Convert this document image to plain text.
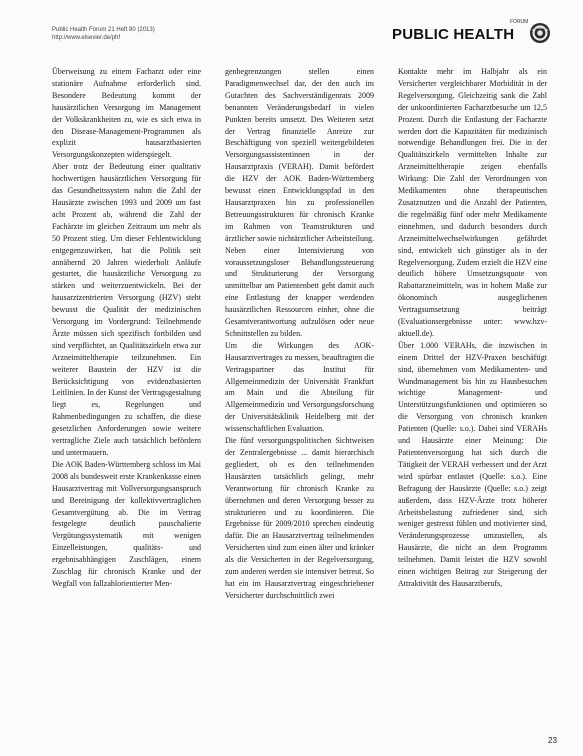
Public Health Forum 21 Heft 80 (2013)
http://www.elsevier.de/phf
FORUM
PUBLIC HEALTH

Überweisung zu einem Facharzt oder eine stationäre Aufnahme erforderlich sind. Besondere Bedeutung kommt der hausärztlichen Versorgung im Management der Volkskrankheiten zu, wie es sich etwa in den Disease-Management-Programmen als explizit hausarztbasierten Versorgungskonzepten widerspiegelt.

Aber trotz der Bedeutung einer qualitativ hochwertigen hausärztlichen Versorgung für das Gesundheitssystem nahm die Zahl der Hausärzte zwischen 1993 und 2009 um fast acht Prozent ab, während die Zahl der Fachärzte im gleichen Zeitraum um mehr als 50 Prozent stieg. Um dieser Fehlentwicklung entgegenzuwirken, hat die Politik seit annähernd 20 Jahren wiederholt Anläufe gestartet, die hausärztliche Versorgung zu stärken und weiterzuentwickeln. Bei der hausarztzentrierten Versorgung (HZV) steht bewusst die Qualität der medizinischen Versorgung im Vordergrund: Teilnehmende Ärzte müssen sich spezifisch fortbilden und sind verpflichtet, an Qualitätszirkeln etwa zur Arzneimitteltherapie teilzunehmen. Ein weiterer Baustein der HZV ist die Berücksichtigung von evidenzbasierten Leitlinien. In der Kunst der Vertragsgestaltung liegt es, Regelungen und Rahmenbedingungen zu schaffen, die diese gesetzlichen Anforderungen sowie weitere vertragliche Ziele auch tatsächlich befördern und untermauern.

Die AOK Baden-Württemberg schloss im Mai 2008 als bundesweit erste Krankenkasse einen Hausarztvertrag mit Vollversorgungsanspruch und Bereinigung der kollektivvertraglichen Gesamtvergütung ab. Die im Vertrag festgelegte deutlich pauschalierte Vergütungssystematik mit wenigen Einzelleistungen, qualitäts- und ergebnisabhängigen Zuschlägen, einem Zuschlag für chronisch Kranke und der Wegfall von fallzahlorientierter Men-

genbegrenzungen stellen einen Paradigmenwechsel dar, der den auch im Gutachten des Sachverständigenrats 2009 benannten Veränderungsbedarf in vielen Punkten bereits umsetzt. Des Weiteren setzt der Vertrag finanzielle Anreize zur Beschäftigung von speziell weitergebildeten Versorgungsassistentinnen in der Hausarztpraxis (VERAH). Damit befördert die HZV der AOK Baden-Württemberg bewusst einen Entwicklungspfad in den Hausarztpraxen hin zu professionellen Betreuungsstrukturen für chronisch Kranke im Rahmen von Teamstrukturen und ärztlicher sowie nichtärztlicher Arbeitsteilung. Neben einer Intensivierung von voraussetzungsloser Behandlungssteuerung und Strukturierung der Versorgung unmittelbar am Patientenbett geht damit auch eine Entlastung der knapper werdenden hausärztlichen Ressourcen einher, ohne die Gesamtverantwortung aufzulösen oder neue Schnittstellen zu bilden.

Um die Wirkungen des AOK-Hausarztvertrages zu messen, beauftragten die Vertragspartner das Institut für Allgemeinmedizin der Universität Frankfurt am Main und die Abteilung für Allgemeinmedizin und Versorgungsforschung der Universitätsklinik Heidelberg mit der wissenschaftlichen Evaluation.

Die fünf versorgungspolitischen Sichtweisen der Zentralergebnisse ... damit hierarchisch gegliedert, ob es den teilnehmenden Hausärzten tatsächlich gelingt, mehr Verantwortung für chronisch Kranke zu übernehmen und deren Versorgung besser zu strukturieren und zu koordinieren. Die Ergebnisse für 2009/2010 sprechen eindeutig dafür. Die an Hausarztvertrag teilnehmenden Versicherten sind zum einen älter und kränker als die Versicherten in der Regelversorgung, zum anderen werden sie intensiver betreut. So hat ein im Hausarztvertrag eingeschriebener Versicherter durchschnittlich zwei

Kontakte mehr im Halbjahr als ein Versicherter vergleichbarer Morbidität in der Regelversorgung. Gleichzeitig sank die Zahl der unkoordinierten Facharztbesuche um 12,5 Prozent. Durch die Entlastung der Facharzte werden dort die Kapazitäten für medizinisch notwendige Behandlungen frei. Die in der Qualitätszirkeln vermittelten Inhalte zur Arzneimitteltherapie zeigen ebenfalls Wirkung: Die Zahl der Verordnungen von Medikamenten ohne therapeutischen Zusatznutzen und die Anzahl der Patienten, die regelmäßig fünf oder mehr Medikamente einnehmen, und dadurch besonders durch Arzneimittelwechselwirkungen gefährdet sind, entwickelt sich günstiger als in der Regelversorgung. Zudem erzielt die HZV eine deutlich höhere Umsetzungsquote von Rabattarzneimitteln, was in hohem Maße zur ökonomisch ausgeglichenen Vertragsumsetzung beiträgt (Evaluationsergebnisse unter: www.hzv-aktuell.de).

Über 1.000 VERAHs, die inzwischen in einem Drittel der HZV-Praxen beschäftigt sind, übernehmen vom Medikamenten- und Wundmanagement bis hin zu Hausbesuchen wichtige Management- und Unterstützungsfunktionen und optimieren so die Versorgung von chronisch kranken Patienten (Quelle: s.o.). Dabei sind VERAHs und Hausärzte einer Meinung: Die Patientenversorgung hat sich durch die Tätigkeit der VERAH verbessert und der Arzt wird spürbar entlastet (Quelle: s.o.). Eine Befragung der Hausärzte (Quelle: s.o.) zeigt außerdem, dass HZV-Ärzte trotz höherer Arbeitsbelastung zufriedener sind, sich weniger gestresst fühlen und motivierter sind, Veränderungsprozesse umzustellen, als Hausärzte, die nicht an dem Programm teilnehmen. Damit leistet die HZV sowohl einen wichtigen Beitrag zur Steigerung der Attraktivität des Hausarztberufs,

23
